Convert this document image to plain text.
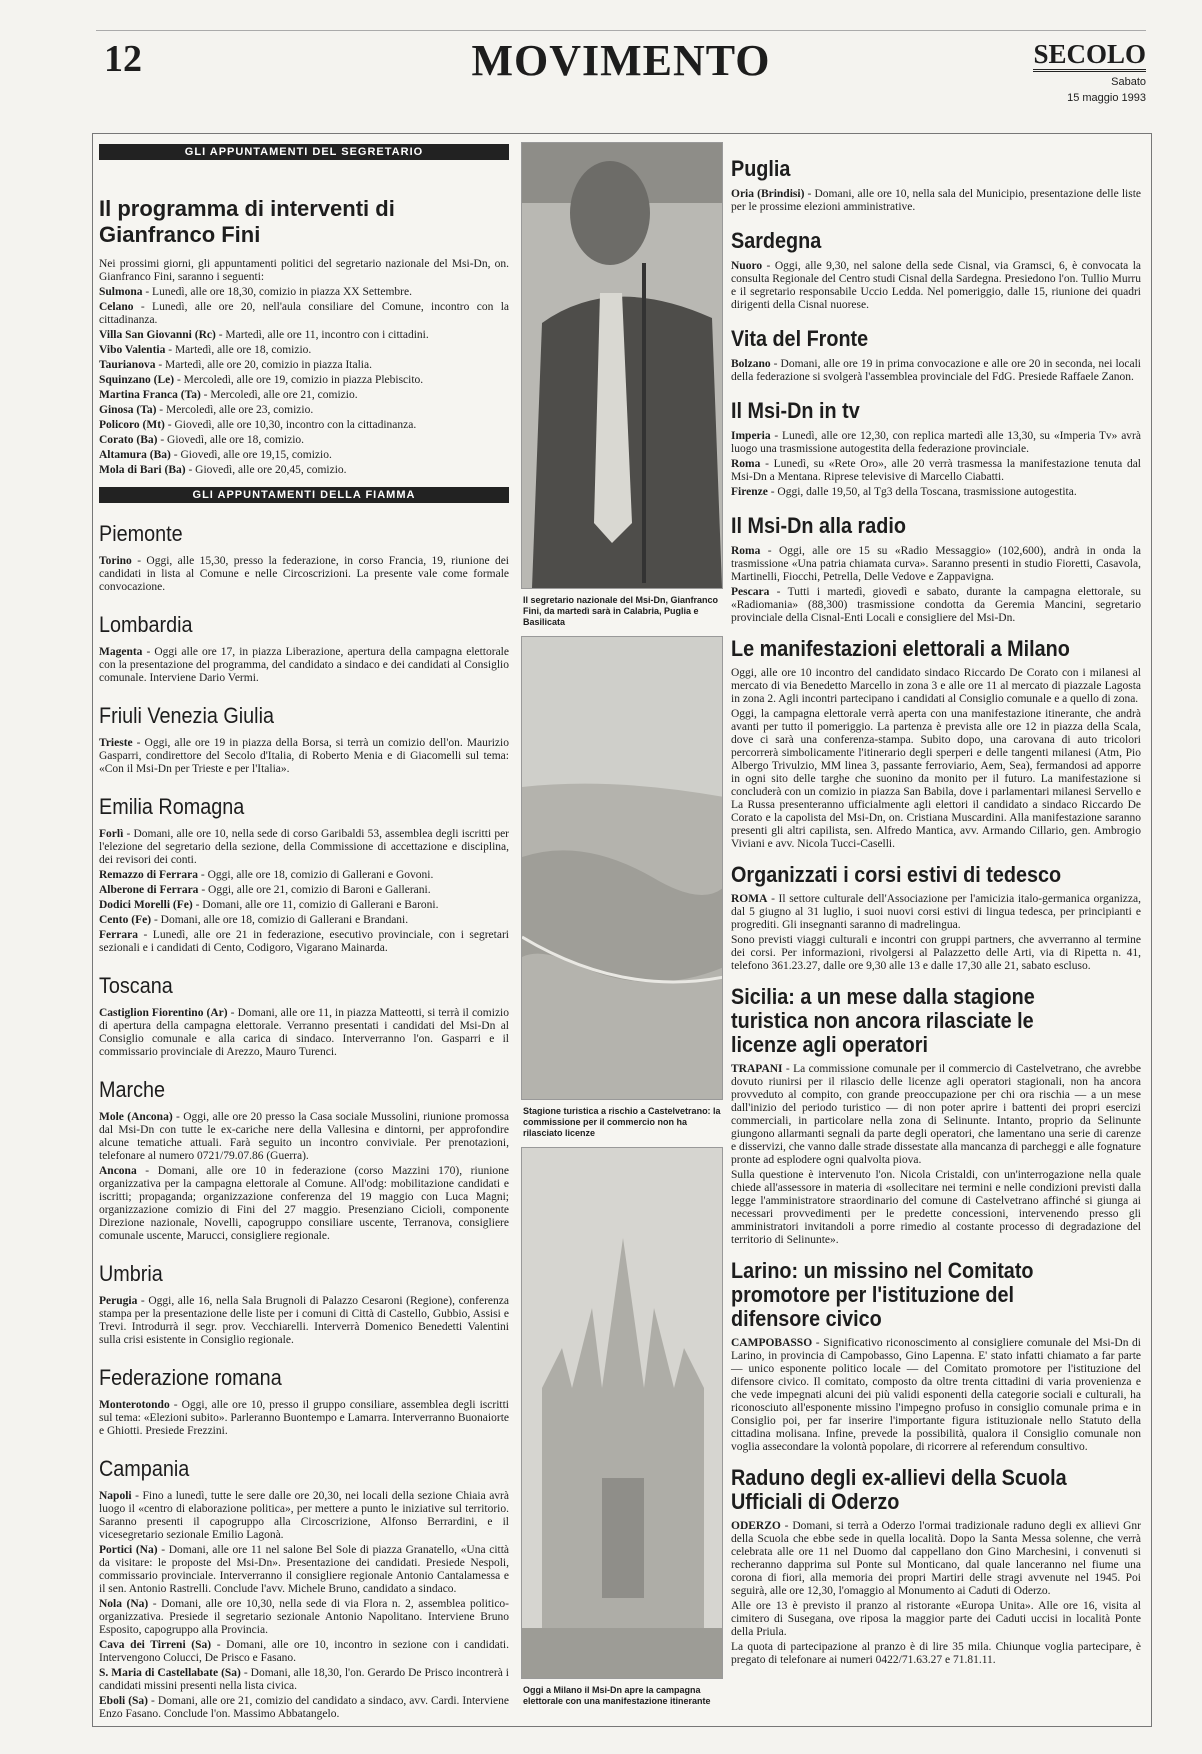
12	MOVIMENTO	SECOLO
Sabato
15 maggio 1993
GLI APPUNTAMENTI DEL SEGRETARIO
Il programma di interventi di Gianfranco Fini
Nei prossimi giorni, gli appuntamenti politici del segretario nazionale del Msi-Dn, on. Gianfranco Fini, saranno i seguenti:
Sulmona - Lunedì, alle ore 18,30, comizio in piazza XX Settembre.
Celano - Lunedì, alle ore 20, nell'aula consiliare del Comune, incontro con la cittadinanza.
Villa San Giovanni (Rc) - Martedì, alle ore 11, incontro con i cittadini.
Vibo Valentia - Martedì, alle ore 18, comizio.
Taurianova - Martedì, alle ore 20, comizio in piazza Italia.
Squinzano (Le) - Mercoledì, alle ore 19, comizio in piazza Plebiscito.
Martina Franca (Ta) - Mercoledì, alle ore 21, comizio.
Ginosa (Ta) - Mercoledì, alle ore 23, comizio.
Policoro (Mt) - Giovedì, alle ore 10,30, incontro con la cittadinanza.
Corato (Ba) - Giovedì, alle ore 18, comizio.
Altamura (Ba) - Giovedì, alle ore 19,15, comizio.
Mola di Bari (Ba) - Giovedì, alle ore 20,45, comizio.
GLI APPUNTAMENTI DELLA FIAMMA
Piemonte
Torino - Oggi, alle 15,30, presso la federazione, in corso Francia, 19, riunione dei candidati in lista al Comune e nelle Circoscrizioni. La presente vale come formale convocazione.
Lombardia
Magenta - Oggi alle ore 17, in piazza Liberazione, apertura della campagna elettorale con la presentazione del programma, del candidato a sindaco e dei candidati al Consiglio comunale. Interviene Dario Vermi.
Friuli Venezia Giulia
Trieste - Oggi, alle ore 19 in piazza della Borsa, si terrà un comizio dell'on. Maurizio Gasparri, condirettore del Secolo d'Italia, di Roberto Menia e di Giacomelli sul tema: «Con il Msi-Dn per Trieste e per l'Italia».
Emilia Romagna
Forlì - Domani, alle ore 10, nella sede di corso Garibaldi 53, assemblea degli iscritti per l'elezione del segretario della sezione, della Commissione di accettazione e disciplina, dei revisori dei conti.
Remazzo di Ferrara - Oggi, alle ore 18, comizio di Gallerani e Govoni.
Alberone di Ferrara - Oggi, alle ore 21, comizio di Baroni e Gallerani.
Dodici Morelli (Fe) - Domani, alle ore 11, comizio di Gallerani e Baroni.
Cento (Fe) - Domani, alle ore 18, comizio di Gallerani e Brandani.
Ferrara - Lunedì, alle ore 21 in federazione, esecutivo provinciale, con i segretari sezionali e i candidati di Cento, Codigoro, Vigarano Mainarda.
Toscana
Castiglion Fiorentino (Ar) - Domani, alle ore 11, in piazza Matteotti, si terrà il comizio di apertura della campagna elettorale. Verranno presentati i candidati del Msi-Dn al Consiglio comunale e alla carica di sindaco. Interverranno l'on. Gasparri e il commissario provinciale di Arezzo, Mauro Turenci.
Marche
Mole (Ancona) - Oggi, alle ore 20 presso la Casa sociale Mussolini, riunione promossa dal Msi-Dn con tutte le ex-cariche nere della Vallesina e dintorni, per approfondire alcune tematiche attuali. Farà seguito un incontro conviviale. Per prenotazioni, telefonare al numero 0721/79.07.86 (Guerra).
Ancona - Domani, alle ore 10 in federazione (corso Mazzini 170), riunione organizzativa per la campagna elettorale al Comune. All'odg: mobilitazione candidati e iscritti; propaganda; organizzazione conferenza del 19 maggio con Luca Magni; organizzazione comizio di Fini del 27 maggio. Presenziano Cicioli, componente Direzione nazionale, Novelli, capogruppo consiliare uscente, Terranova, consigliere comunale uscente, Marucci, consigliere regionale.
Umbria
Perugia - Oggi, alle 16, nella Sala Brugnoli di Palazzo Cesaroni (Regione), conferenza stampa per la presentazione delle liste per i comuni di Città di Castello, Gubbio, Assisi e Trevi. Introdurrà il segr. prov. Vecchiarelli. Interverrà Domenico Benedetti Valentini sulla crisi esistente in Consiglio regionale.
Federazione romana
Monterotondo - Oggi, alle ore 10, presso il gruppo consiliare, assemblea degli iscritti sul tema: «Elezioni subito». Parleranno Buontempo e Lamarra. Interverranno Buonaiorte e Ghiotti. Presiede Frezzini.
Campania
Napoli - Fino a lunedì, tutte le sere dalle ore 20,30, nei locali della sezione Chiaia avrà luogo il «centro di elaborazione politica», per mettere a punto le iniziative sul territorio. Saranno presenti il capogruppo alla Circoscrizione, Alfonso Berrardini, e il vicesegretario sezionale Emilio Lagonà.
Portici (Na) - Domani, alle ore 11 nel salone Bel Sole di piazza Granatello, «Una città da visitare: le proposte del Msi-Dn». Presentazione dei candidati. Presiede Nespoli, commissario provinciale. Interverranno il consigliere regionale Antonio Cantalamessa e il sen. Antonio Rastrelli. Conclude l'avv. Michele Bruno, candidato a sindaco.
Nola (Na) - Domani, alle ore 10,30, nella sede di via Flora n. 2, assemblea politico-organizzativa. Presiede il segretario sezionale Antonio Napolitano. Interviene Bruno Esposito, capogruppo alla Provincia.
Cava dei Tirreni (Sa) - Domani, alle ore 10, incontro in sezione con i candidati. Intervengono Colucci, De Prisco e Fasano.
S. Maria di Castellabate (Sa) - Domani, alle 18,30, l'on. Gerardo De Prisco incontrerà i candidati missini presenti nella lista civica.
Eboli (Sa) - Domani, alle ore 21, comizio del candidato a sindaco, avv. Cardi. Interviene Enzo Fasano. Conclude l'on. Massimo Abbatangelo.
Il segretario nazionale del Msi-Dn, Gianfranco Fini, da martedì sarà in Calabria, Puglia e Basilicata
Stagione turistica a rischio a Castelvetrano: la commissione per il commercio non ha rilasciato licenze
Oggi a Milano il Msi-Dn apre la campagna elettorale con una manifestazione itinerante
Puglia
Oria (Brindisi) - Domani, alle ore 10, nella sala del Municipio, presentazione delle liste per le prossime elezioni amministrative.
Sardegna
Nuoro - Oggi, alle 9,30, nel salone della sede Cisnal, via Gramsci, 6, è convocata la consulta Regionale del Centro studi Cisnal della Sardegna. Presiedono l'on. Tullio Murru e il segretario responsabile Uccio Ledda. Nel pomeriggio, dalle 15, riunione dei quadri dirigenti della Cisnal nuorese.
Vita del Fronte
Bolzano - Domani, alle ore 19 in prima convocazione e alle ore 20 in seconda, nei locali della federazione si svolgerà l'assemblea provinciale del FdG. Presiede Raffaele Zanon.
Il Msi-Dn in tv
Imperia - Lunedì, alle ore 12,30, con replica martedì alle 13,30, su «Imperia Tv» avrà luogo una trasmissione autogestita della federazione provinciale.
Roma - Lunedì, su «Rete Oro», alle 20 verrà trasmessa la manifestazione tenuta dal Msi-Dn a Mentana. Riprese televisive di Marcello Ciabatti.
Firenze - Oggi, dalle 19,50, al Tg3 della Toscana, trasmissione autogestita.
Il Msi-Dn alla radio
Roma - Oggi, alle ore 15 su «Radio Messaggio» (102,600), andrà in onda la trasmissione «Una patria chiamata curva». Saranno presenti in studio Fioretti, Casavola, Martinelli, Fiocchi, Petrella, Delle Vedove e Zappavigna.
Pescara - Tutti i martedì, giovedì e sabato, durante la campagna elettorale, su «Radiomania» (88,300) trasmissione condotta da Geremia Mancini, segretario provinciale della Cisnal-Enti Locali e consigliere del Msi-Dn.
Le manifestazioni elettorali a Milano
Oggi, alle ore 10 incontro del candidato sindaco Riccardo De Corato con i milanesi al mercato di via Benedetto Marcello in zona 3 e alle ore 11 al mercato di piazzale Lagosta in zona 2. Agli incontri partecipano i candidati al Consiglio comunale e a quello di zona.
Oggi, la campagna elettorale verrà aperta con una manifestazione itinerante, che andrà avanti per tutto il pomeriggio. La partenza è prevista alle ore 12 in piazza della Scala, dove ci sarà una conferenza-stampa. Subito dopo, una carovana di auto tricolori percorrerà simbolicamente l'itinerario degli sperperi e delle tangenti milanesi (Atm, Pio Albergo Trivulzio, MM linea 3, passante ferroviario, Aem, Sea), fermandosi ad apporre in ogni sito delle targhe che suonino da monito per il futuro. La manifestazione si concluderà con un comizio in piazza San Babila, dove i parlamentari milanesi Servello e La Russa presenteranno ufficialmente agli elettori il candidato a sindaco Riccardo De Corato e la capolista del Msi-Dn, on. Cristiana Muscardini. Alla manifestazione saranno presenti gli altri capilista, sen. Alfredo Mantica, avv. Armando Cillario, gen. Ambrogio Viviani e avv. Nicola Tucci-Caselli.
Organizzati i corsi estivi di tedesco
ROMA - Il settore culturale dell'Associazione per l'amicizia italo-germanica organizza, dal 5 giugno al 31 luglio, i suoi nuovi corsi estivi di lingua tedesca, per principianti e progrediti. Gli insegnanti saranno di madrelingua.
Sono previsti viaggi culturali e incontri con gruppi partners, che avverranno al termine dei corsi. Per informazioni, rivolgersi al Palazzetto delle Arti, via di Ripetta n. 41, telefono 361.23.27, dalle ore 9,30 alle 13 e dalle 17,30 alle 21, sabato escluso.
Sicilia: a un mese dalla stagione turistica non ancora rilasciate le licenze agli operatori
TRAPANI - La commissione comunale per il commercio di Castelvetrano, che avrebbe dovuto riunirsi per il rilascio delle licenze agli operatori stagionali, non ha ancora provveduto al compito, con grande preoccupazione per chi ora rischia — a un mese dall'inizio del periodo turistico — di non poter aprire i battenti dei propri esercizi commerciali, in particolare nella zona di Selinunte. Intanto, proprio da Selinunte giungono allarmanti segnali da parte degli operatori, che lamentano una serie di carenze e disservizi, che vanno dalle strade dissestate alla mancanza di parcheggi e alle fognature pronte ad esplodere ogni qualvolta piova.
Sulla questione è intervenuto l'on. Nicola Cristaldi, con un'interrogazione nella quale chiede all'assessore in materia di «sollecitare nei termini e nelle condizioni previsti dalla legge l'amministratore straordinario del comune di Castelvetrano affinché si giunga ai necessari provvedimenti per le predette concessioni, intervenendo presso gli amministratori invitandoli a porre rimedio al costante processo di degradazione del territorio di Selinunte».
Larino: un missino nel Comitato promotore per l'istituzione del difensore civico
CAMPOBASSO - Significativo riconoscimento al consigliere comunale del Msi-Dn di Larino, in provincia di Campobasso, Gino Lapenna. E' stato infatti chiamato a far parte — unico esponente politico locale — del Comitato promotore per l'istituzione del difensore civico. Il comitato, composto da oltre trenta cittadini di varia provenienza e che vede impegnati alcuni dei più validi esponenti della categorie sociali e culturali, ha riconosciuto all'esponente missino l'impegno profuso in consiglio comunale prima e in Consiglio poi, per far inserire l'importante figura istituzionale nello Statuto della cittadina molisana. Infine, prevede la possibilità, qualora il Consiglio comunale non voglia assecondare la volontà popolare, di ricorrere al referendum consultivo.
Raduno degli ex-allievi della Scuola Ufficiali di Oderzo
ODERZO - Domani, si terrà a Oderzo l'ormai tradizionale raduno degli ex allievi Gnr della Scuola che ebbe sede in quella località. Dopo la Santa Messa solenne, che verrà celebrata alle ore 11 nel Duomo dal cappellano don Gino Marchesini, i convenuti si recheranno dapprima sul Ponte sul Monticano, dal quale lanceranno nel fiume una corona di fiori, alla memoria dei propri Martiri delle stragi avvenute nel 1945. Poi seguirà, alle ore 12,30, l'omaggio al Monumento ai Caduti di Oderzo.
Alle ore 13 è previsto il pranzo al ristorante «Europa Unita». Alle ore 16, visita al cimitero di Susegana, ove riposa la maggior parte dei Caduti uccisi in località Ponte della Priula.
La quota di partecipazione al pranzo è di lire 35 mila. Chiunque voglia partecipare, è pregato di telefonare ai numeri 0422/71.63.27 e 71.81.11.
